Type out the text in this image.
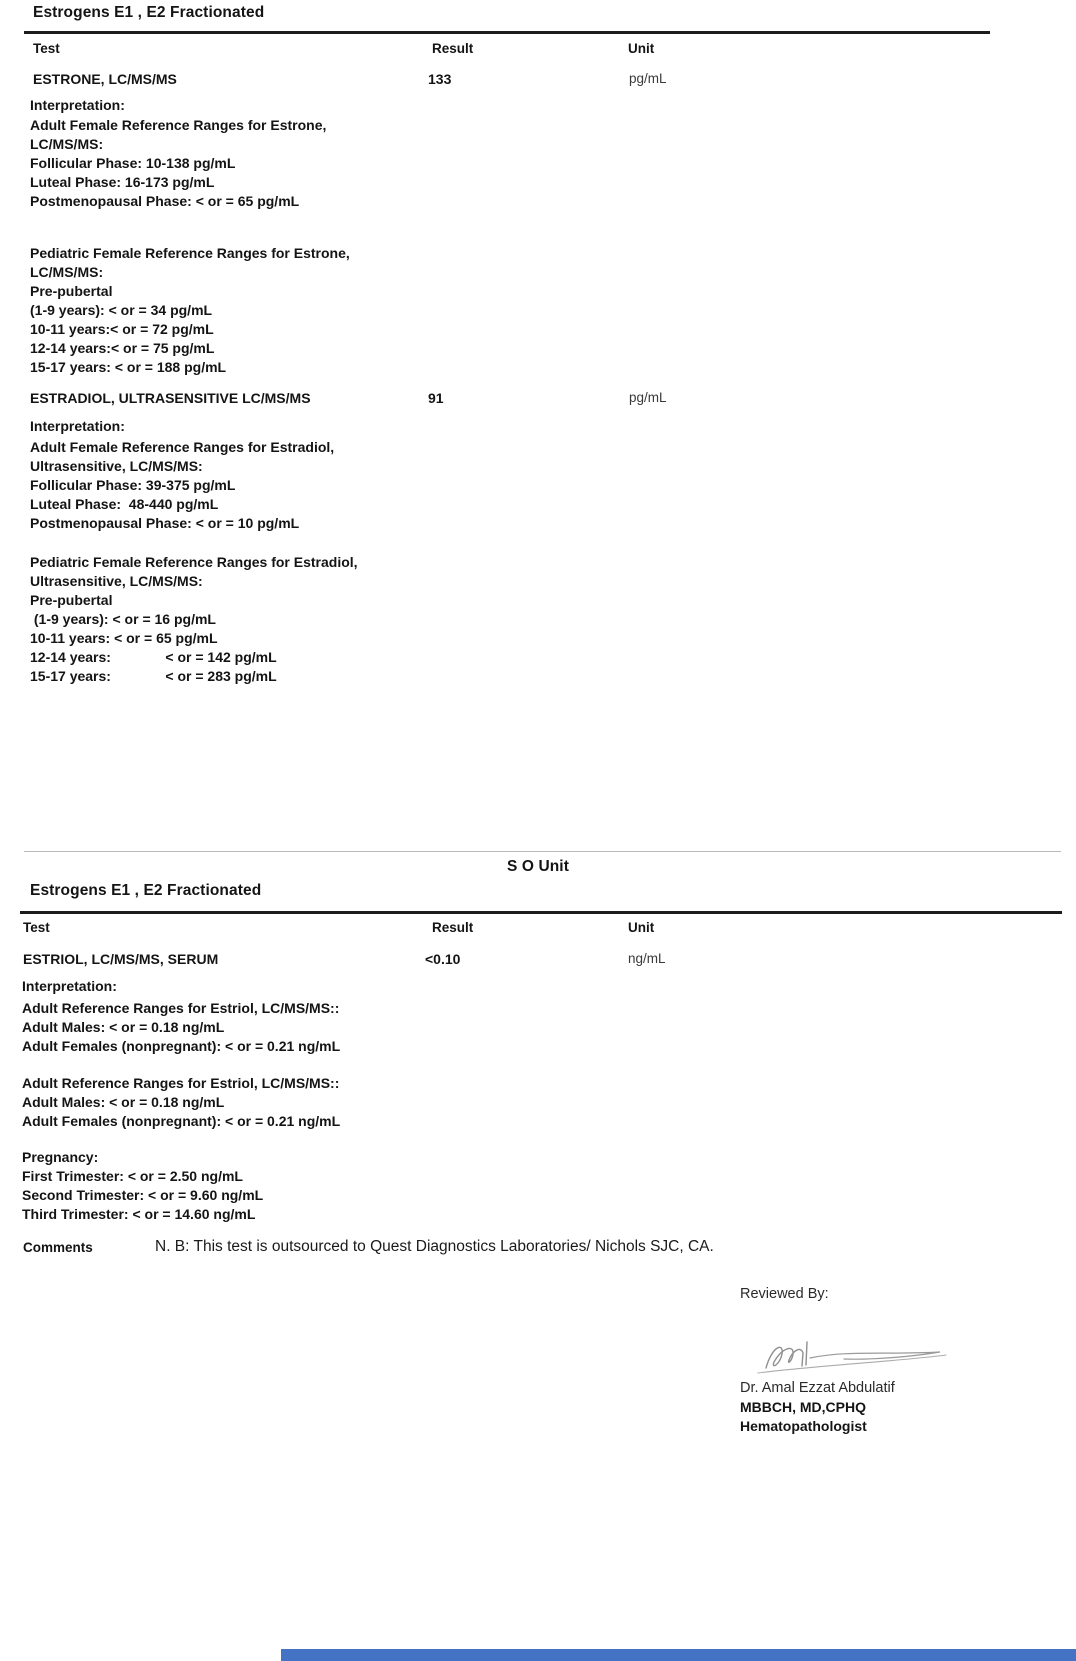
Estrogens E1 , E2 Fractionated
Test	Result	Unit
ESTRONE, LC/MS/MS	133	pg/mL
Interpretation:
Adult Female Reference Ranges for Estrone,
LC/MS/MS:
Follicular Phase: 10-138 pg/mL
Luteal Phase: 16-173 pg/mL
Postmenopausal Phase: < or = 65 pg/mL
Pediatric Female Reference Ranges for Estrone,
LC/MS/MS:
Pre-pubertal
(1-9 years): < or = 34 pg/mL
10-11 years:< or = 72 pg/mL
12-14 years:< or = 75 pg/mL
15-17 years: < or = 188 pg/mL
ESTRADIOL, ULTRASENSITIVE LC/MS/MS	91	pg/mL
Interpretation:
Adult Female Reference Ranges for Estradiol,
Ultrasensitive, LC/MS/MS:
Follicular Phase: 39-375 pg/mL
Luteal Phase:  48-440 pg/mL
Postmenopausal Phase: < or = 10 pg/mL
Pediatric Female Reference Ranges for Estradiol,
Ultrasensitive, LC/MS/MS:
Pre-pubertal
(1-9 years): < or = 16 pg/mL
10-11 years: < or = 65 pg/mL
12-14 years:              < or = 142 pg/mL
15-17 years:              < or = 283 pg/mL
S O Unit
Estrogens E1 , E2 Fractionated
Test	Result	Unit
ESTRIOL, LC/MS/MS, SERUM	<0.10	ng/mL
Interpretation:
Adult Reference Ranges for Estriol, LC/MS/MS::
Adult Males: < or = 0.18 ng/mL
Adult Females (nonpregnant): < or = 0.21 ng/mL
Adult Reference Ranges for Estriol, LC/MS/MS::
Adult Males: < or = 0.18 ng/mL
Adult Females (nonpregnant): < or = 0.21 ng/mL
Pregnancy:
First Trimester: < or = 2.50 ng/mL
Second Trimester: < or = 9.60 ng/mL
Third Trimester: < or = 14.60 ng/mL
Comments	N. B: This test is outsourced to Quest Diagnostics Laboratories/ Nichols SJC, CA.
Reviewed By:
Dr. Amal Ezzat Abdulatif
MBBCH, MD,CPHQ
Hematopathologist
